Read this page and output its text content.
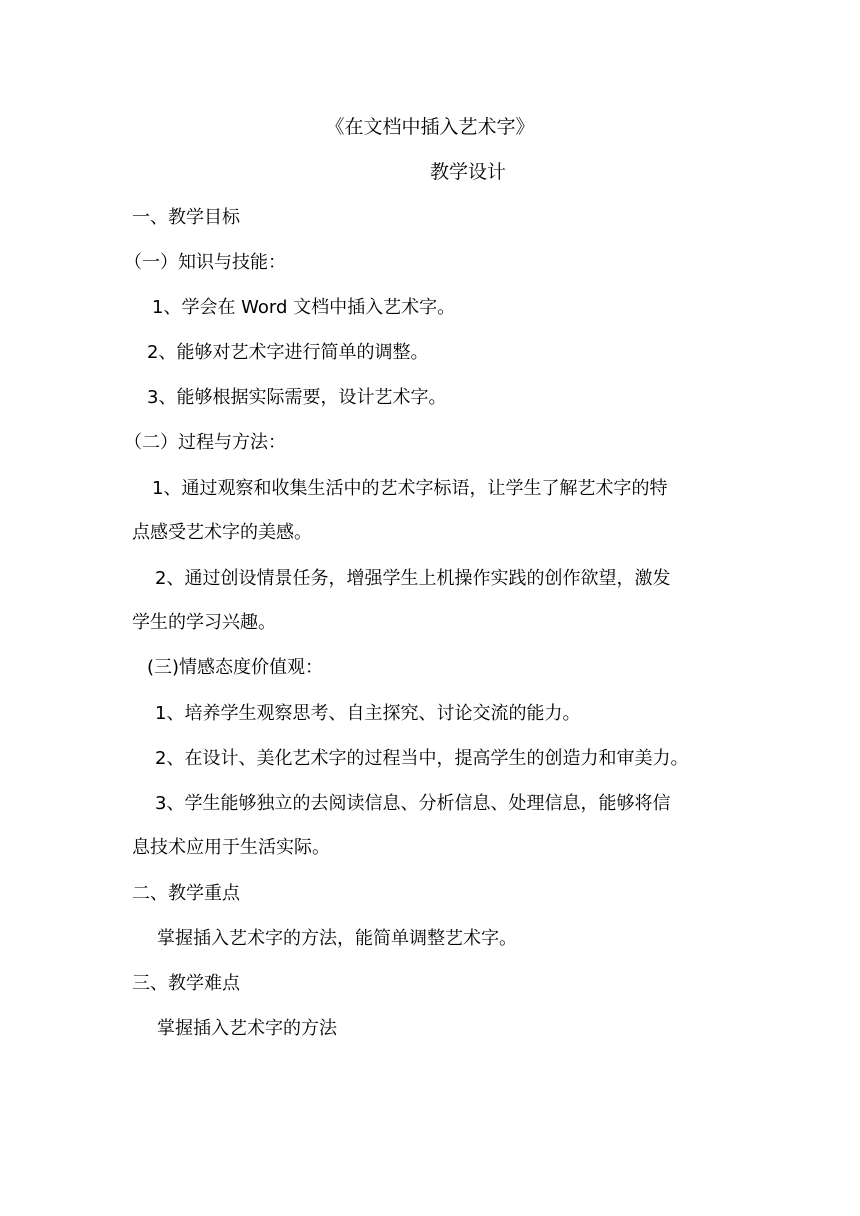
《在文档中插入艺术字》

教学设计

一、教学目标

（一）知识与技能：

1、学会在 Word 文档中插入艺术字。

2、能够对艺术字进行简单的调整。

3、能够根据实际需要，设计艺术字。

（二）过程与方法：

1、通过观察和收集生活中的艺术字标语，让学生了解艺术字的特

点感受艺术字的美感。

2、通过创设情景任务，增强学生上机操作实践的创作欲望，激发

学生的学习兴趣。

(三)情感态度价值观：

1、培养学生观察思考、自主探究、讨论交流的能力。

2、在设计、美化艺术字的过程当中，提高学生的创造力和审美力。

3、学生能够独立的去阅读信息、分析信息、处理信息，能够将信

息技术应用于生活实际。

二、教学重点

掌握插入艺术字的方法，能简单调整艺术字。

三、教学难点

掌握插入艺术字的方法
